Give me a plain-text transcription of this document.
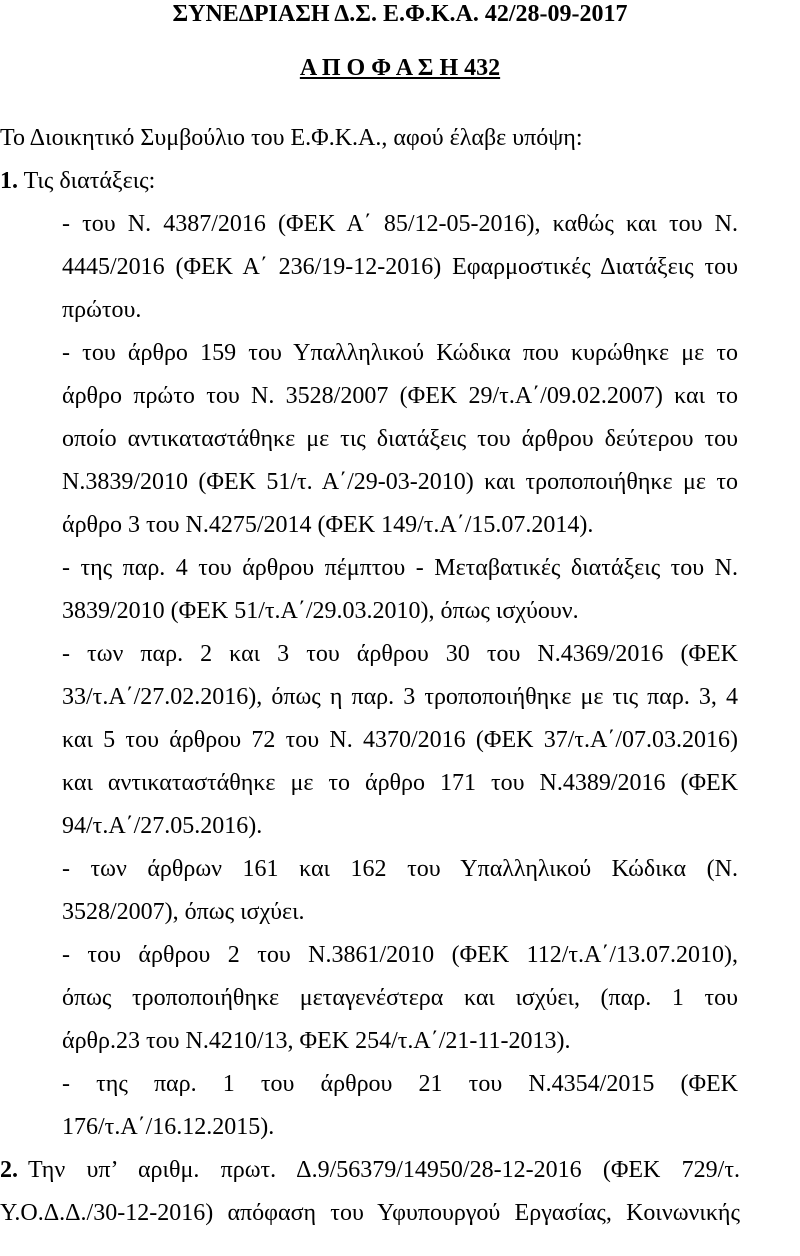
ΣΥΝΕΔΡΙΑΣΗ Δ.Σ. Ε.Φ.Κ.Α. 42/28-09-2017
Α Π Ο Φ Α Σ Η 432
Το Διοικητικό Συμβούλιο του Ε.Φ.Κ.Α., αφού έλαβε υπόψη:
1. Τις διατάξεις:
- του Ν. 4387/2016 (ΦΕΚ Α΄ 85/12-05-2016), καθώς και του Ν.
4445/2016 (ΦΕΚ Α΄ 236/19-12-2016) Εφαρμοστικές Διατάξεις του
πρώτου.
- του άρθρο 159 του Υπαλληλικού Κώδικα που κυρώθηκε με το
άρθρο πρώτο του Ν. 3528/2007 (ΦΕΚ 29/τ.Α΄/09.02.2007) και το
οποίο αντικαταστάθηκε με τις διατάξεις του άρθρου δεύτερου του
Ν.3839/2010 (ΦΕΚ 51/τ. Α΄/29-03-2010) και τροποποιήθηκε με το
άρθρο 3 του Ν.4275/2014 (ΦΕΚ 149/τ.Α΄/15.07.2014).
- της παρ. 4 του άρθρου πέμπτου - Μεταβατικές διατάξεις του Ν.
3839/2010 (ΦΕΚ 51/τ.Α΄/29.03.2010), όπως ισχύουν.
- των παρ. 2 και 3 του άρθρου 30 του Ν.4369/2016 (ΦΕΚ
33/τ.Α΄/27.02.2016), όπως η παρ. 3 τροποποιήθηκε με τις παρ. 3, 4
και 5 του άρθρου 72 του Ν. 4370/2016 (ΦΕΚ 37/τ.Α΄/07.03.2016)
και αντικαταστάθηκε με το άρθρο 171 του Ν.4389/2016 (ΦΕΚ
94/τ.Α΄/27.05.2016).
- των άρθρων 161 και 162 του Υπαλληλικού Κώδικα (Ν.
3528/2007), όπως ισχύει.
- του άρθρου 2 του Ν.3861/2010 (ΦΕΚ 112/τ.Α΄/13.07.2010),
όπως τροποποιήθηκε μεταγενέστερα και ισχύει, (παρ. 1 του
άρθρ.23 του Ν.4210/13, ΦΕΚ 254/τ.Α΄/21-11-2013).
- της παρ. 1 του άρθρου 21 του Ν.4354/2015 (ΦΕΚ
176/τ.Α΄/16.12.2015).
2. Την υπ’ αριθμ. πρωτ. Δ.9/56379/14950/28-12-2016 (ΦΕΚ 729/τ.
Υ.Ο.Δ.Δ./30-12-2016) απόφαση του Υφυπουργού Εργασίας, Κοινωνικής
